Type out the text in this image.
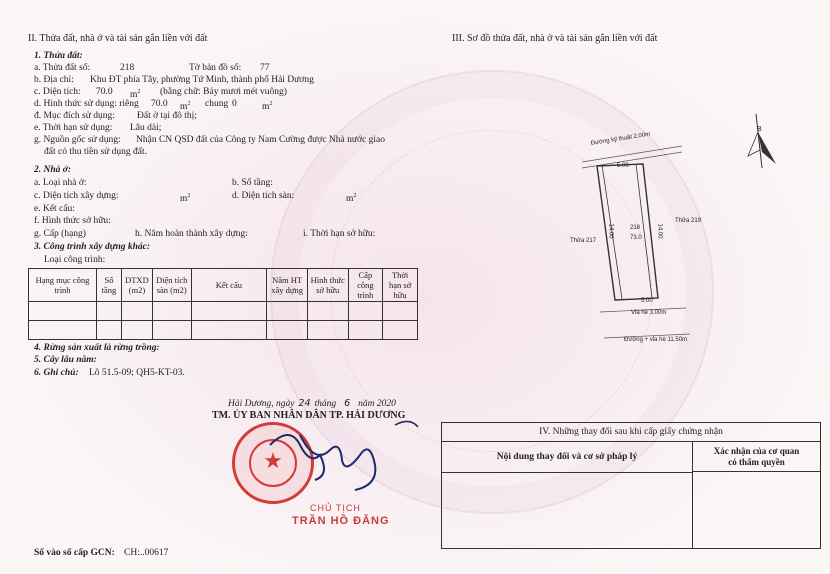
II. Thửa đất, nhà ở và tài sản gắn liền với đất
1. Thửa đất:
a. Thửa đất số:	218	Tờ bản đồ số: 77
b. Địa chỉ: Khu ĐT phía Tây, phường Tứ Minh, thành phố Hải Dương
c. Diện tích: 70.0 $m^2$ (bằng chữ: Bảy mươi mét vuông)
d. Hình thức sử dụng: riêng 70.0 $m^2$ chung 0	$m^2$
đ. Mục đích sử dụng: Đất ở tại đô thị;
e. Thời hạn sử dụng: Lâu dài;
g. Nguồn gốc sử dụng: Nhận CN QSD đất của Công ty Nam Cường được Nhà nước giao
đất có thu tiền sử dụng đất.
2. Nhà ở:
a. Loại nhà ở:	b. Số tầng:
c. Diện tích xây dựng:	$m^2$	d. Diện tích sàn:	$m^2$
e. Kết cấu:
f. Hình thức sở hữu:
g. Cấp (hạng)	h. Năm hoàn thành xây dựng:	i. Thời hạn sở hữu:
3. Công trình xây dựng khác:
Loại công trình:
Hạng mục công trình	Số tầng	DTXD (m2)	Diện tích sàn (m2)	Kết cấu	Năm HT xây dựng	Hình thức sở hữu	Cấp công trình	Thời hạn sở hữu

4. Rừng sản xuất là rừng trồng:
5. Cây lâu năm:
6. Ghi chú: Lô 51.5-09; QH5-KT-03.
Hải Dương, ngày 24 tháng 6 năm 2020
TM. ỦY BAN NHÂN DÂN TP. HẢI DƯƠNG
★
CHỦ TỊCH
TRẦN HỒ ĐĂNG
Số vào sổ cấp GCN: CH:..00617
III. Sơ đồ thửa đất, nhà ở và tài sản gắn liền với đất
B
Đường kỹ thuật 2,00m
5.00
14.00	14.00
218
73.0
Thửa 217
Thửa 219
5.00
Vỉa hè 3.00m
Đường + vỉa hè 11.50m
IV. Những thay đổi sau khi cấp giấy chứng nhận
Nội dung thay đổi và cơ sở pháp lý
Xác nhận của cơ quan
có thẩm quyền
